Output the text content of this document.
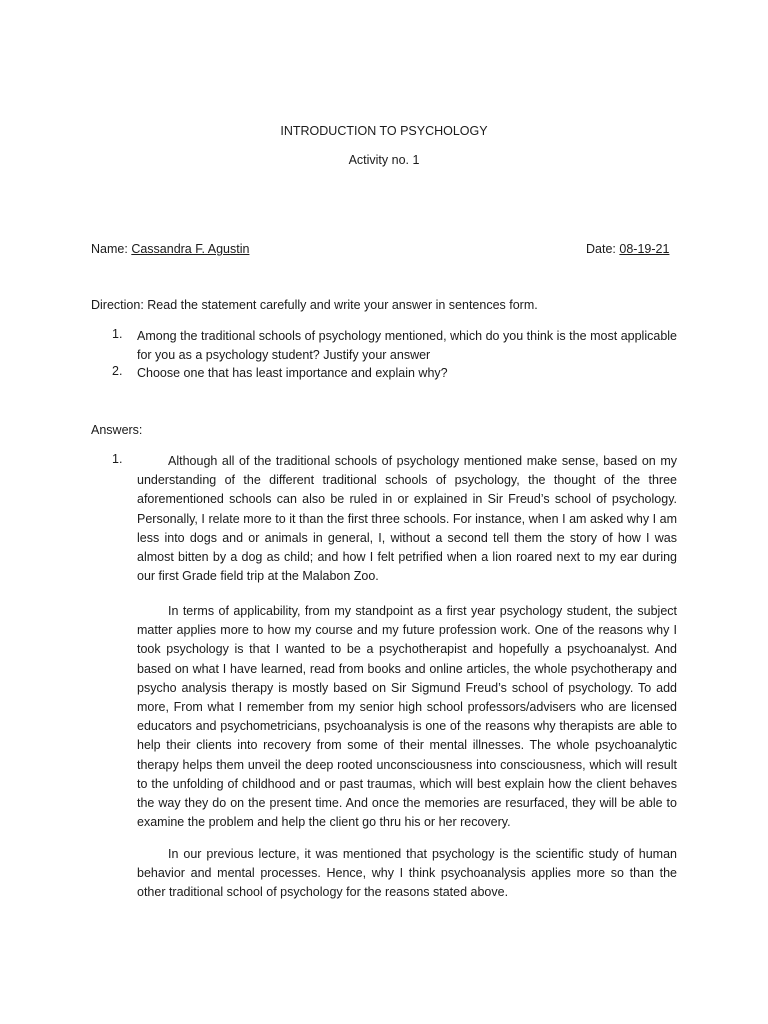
INTRODUCTION TO PSYCHOLOGY
Activity no. 1
Name: Cassandra F. Agustin	Date: 08-19-21
Direction: Read the statement carefully and write your answer in sentences form.
1. Among the traditional schools of psychology mentioned, which do you think is the most applicable for you as a psychology student? Justify your answer
2. Choose one that has least importance and explain why?
Answers:
1.	Although all of the traditional schools of psychology mentioned make sense, based on my understanding of the different traditional schools of psychology, the thought of the three aforementioned schools can also be ruled in or explained in Sir Freud’s school of psychology. Personally, I relate more to it than the first three schools. For instance, when I am asked why I am less into dogs and or animals in general, I, without a second tell them the story of how I was almost bitten by a dog as child; and how I felt petrified when a lion roared next to my ear during our first Grade field trip at the Malabon Zoo.
In terms of applicability, from my standpoint as a first year psychology student, the subject matter applies more to how my course and my future profession work. One of the reasons why I took psychology is that I wanted to be a psychotherapist and hopefully a psychoanalyst. And based on what I have learned, read from books and online articles, the whole psychotherapy and psycho analysis therapy is mostly based on Sir Sigmund Freud’s school of psychology. To add more, From what I remember from my senior high school professors/advisers who are licensed educators and psychometricians, psychoanalysis is one of the reasons why therapists are able to help their clients into recovery from some of their mental illnesses. The whole psychoanalytic therapy helps them unveil the deep rooted unconsciousness into consciousness, which will result to the unfolding of childhood and or past traumas, which will best explain how the client behaves the way they do on the present time. And once the memories are resurfaced, they will be able to examine the problem and help the client go thru his or her recovery.
In our previous lecture, it was mentioned that psychology is the scientific study of human behavior and mental processes. Hence, why I think psychoanalysis applies more so than the other traditional school of psychology for the reasons stated above.
